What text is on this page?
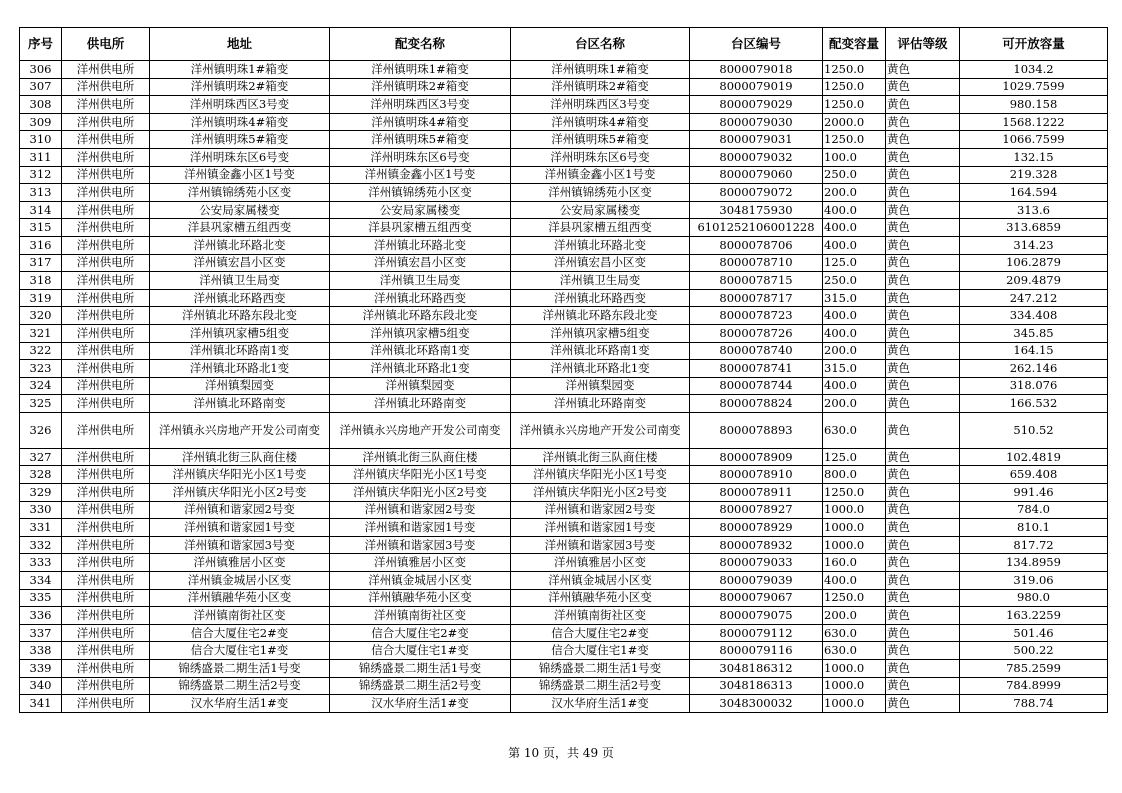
序号	供电所	地址	配变名称	台区名称	台区编号	配变容量	评估等级	可开放容量
306	洋州供电所	洋州镇明珠1#箱变	洋州镇明珠1#箱变	洋州镇明珠1#箱变	8000079018	1250.0	黄色	1034.2
307	洋州供电所	洋州镇明珠2#箱变	洋州镇明珠2#箱变	洋州镇明珠2#箱变	8000079019	1250.0	黄色	1029.7599
308	洋州供电所	洋州明珠西区3号变	洋州明珠西区3号变	洋州明珠西区3号变	8000079029	1250.0	黄色	980.158
309	洋州供电所	洋州镇明珠4#箱变	洋州镇明珠4#箱变	洋州镇明珠4#箱变	8000079030	2000.0	黄色	1568.1222
310	洋州供电所	洋州镇明珠5#箱变	洋州镇明珠5#箱变	洋州镇明珠5#箱变	8000079031	1250.0	黄色	1066.7599
311	洋州供电所	洋州明珠东区6号变	洋州明珠东区6号变	洋州明珠东区6号变	8000079032	100.0	黄色	132.15
312	洋州供电所	洋州镇金鑫小区1号变	洋州镇金鑫小区1号变	洋州镇金鑫小区1号变	8000079060	250.0	黄色	219.328
313	洋州供电所	洋州镇锦绣苑小区变	洋州镇锦绣苑小区变	洋州镇锦绣苑小区变	8000079072	200.0	黄色	164.594
314	洋州供电所	公安局家属楼变	公安局家属楼变	公安局家属楼变	3048175930	400.0	黄色	313.6
315	洋州供电所	洋县巩家槽五组西变	洋县巩家槽五组西变	洋县巩家槽五组西变	6101252106001228	400.0	黄色	313.6859
316	洋州供电所	洋州镇北环路北变	洋州镇北环路北变	洋州镇北环路北变	8000078706	400.0	黄色	314.23
317	洋州供电所	洋州镇宏昌小区变	洋州镇宏昌小区变	洋州镇宏昌小区变	8000078710	125.0	黄色	106.2879
318	洋州供电所	洋州镇卫生局变	洋州镇卫生局变	洋州镇卫生局变	8000078715	250.0	黄色	209.4879
319	洋州供电所	洋州镇北环路西变	洋州镇北环路西变	洋州镇北环路西变	8000078717	315.0	黄色	247.212
320	洋州供电所	洋州镇北环路东段北变	洋州镇北环路东段北变	洋州镇北环路东段北变	8000078723	400.0	黄色	334.408
321	洋州供电所	洋州镇巩家槽5组变	洋州镇巩家槽5组变	洋州镇巩家槽5组变	8000078726	400.0	黄色	345.85
322	洋州供电所	洋州镇北环路南1变	洋州镇北环路南1变	洋州镇北环路南1变	8000078740	200.0	黄色	164.15
323	洋州供电所	洋州镇北环路北1变	洋州镇北环路北1变	洋州镇北环路北1变	8000078741	315.0	黄色	262.146
324	洋州供电所	洋州镇梨园变	洋州镇梨园变	洋州镇梨园变	8000078744	400.0	黄色	318.076
325	洋州供电所	洋州镇北环路南变	洋州镇北环路南变	洋州镇北环路南变	8000078824	200.0	黄色	166.532
326	洋州供电所	洋州镇永兴房地产开发公司南变	洋州镇永兴房地产开发公司南变	洋州镇永兴房地产开发公司南变	8000078893	630.0	黄色	510.52
327	洋州供电所	洋州镇北街三队商住楼	洋州镇北街三队商住楼	洋州镇北街三队商住楼	8000078909	125.0	黄色	102.4819
328	洋州供电所	洋州镇庆华阳光小区1号变	洋州镇庆华阳光小区1号变	洋州镇庆华阳光小区1号变	8000078910	800.0	黄色	659.408
329	洋州供电所	洋州镇庆华阳光小区2号变	洋州镇庆华阳光小区2号变	洋州镇庆华阳光小区2号变	8000078911	1250.0	黄色	991.46
330	洋州供电所	洋州镇和谐家园2号变	洋州镇和谐家园2号变	洋州镇和谐家园2号变	8000078927	1000.0	黄色	784.0
331	洋州供电所	洋州镇和谐家园1号变	洋州镇和谐家园1号变	洋州镇和谐家园1号变	8000078929	1000.0	黄色	810.1
332	洋州供电所	洋州镇和谐家园3号变	洋州镇和谐家园3号变	洋州镇和谐家园3号变	8000078932	1000.0	黄色	817.72
333	洋州供电所	洋州镇雅居小区变	洋州镇雅居小区变	洋州镇雅居小区变	8000079033	160.0	黄色	134.8959
334	洋州供电所	洋州镇金城居小区变	洋州镇金城居小区变	洋州镇金城居小区变	8000079039	400.0	黄色	319.06
335	洋州供电所	洋州镇融华苑小区变	洋州镇融华苑小区变	洋州镇融华苑小区变	8000079067	1250.0	黄色	980.0
336	洋州供电所	洋州镇南街社区变	洋州镇南街社区变	洋州镇南街社区变	8000079075	200.0	黄色	163.2259
337	洋州供电所	信合大厦住宅2#变	信合大厦住宅2#变	信合大厦住宅2#变	8000079112	630.0	黄色	501.46
338	洋州供电所	信合大厦住宅1#变	信合大厦住宅1#变	信合大厦住宅1#变	8000079116	630.0	黄色	500.22
339	洋州供电所	锦绣盛景二期生活1号变	锦绣盛景二期生活1号变	锦绣盛景二期生活1号变	3048186312	1000.0	黄色	785.2599
340	洋州供电所	锦绣盛景二期生活2号变	锦绣盛景二期生活2号变	锦绣盛景二期生活2号变	3048186313	1000.0	黄色	784.8999
341	洋州供电所	汉水华府生活1#变	汉水华府生活1#变	汉水华府生活1#变	3048300032	1000.0	黄色	788.74
第 10 页，共 49 页
